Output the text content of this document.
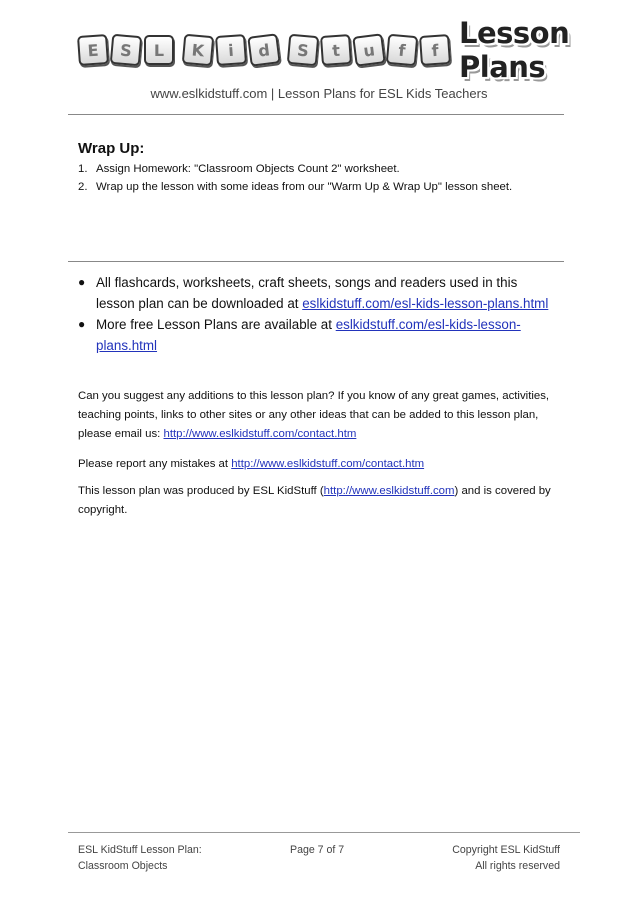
E	S	L	K	i	d	S	t	u	f	f Lesson Plans
www.eslkidstuff.com | Lesson Plans for ESL Kids Teachers
Wrap Up:
1. Assign Homework: "Classroom Objects Count 2" worksheet.
2. Wrap up the lesson with some ideas from our "Warm Up & Wrap Up" lesson sheet.
● All flashcards, worksheets, craft sheets, songs and readers used in this lesson plan can be downloaded at eslkidstuff.com/esl-kids-lesson-plans.html
● More free Lesson Plans are available at eslkidstuff.com/esl-kids-lesson-plans.html
Can you suggest any additions to this lesson plan? If you know of any great games, activities, teaching points, links to other sites or any other ideas that can be added to this lesson plan, please email us: http://www.eslkidstuff.com/contact.htm
Please report any mistakes at http://www.eslkidstuff.com/contact.htm
This lesson plan was produced by ESL KidStuff (http://www.eslkidstuff.com) and is covered by copyright.
ESL KidStuff Lesson Plan:
Classroom Objects
Page 7 of 7	Copyright ESL KidStuff
All rights reserved
